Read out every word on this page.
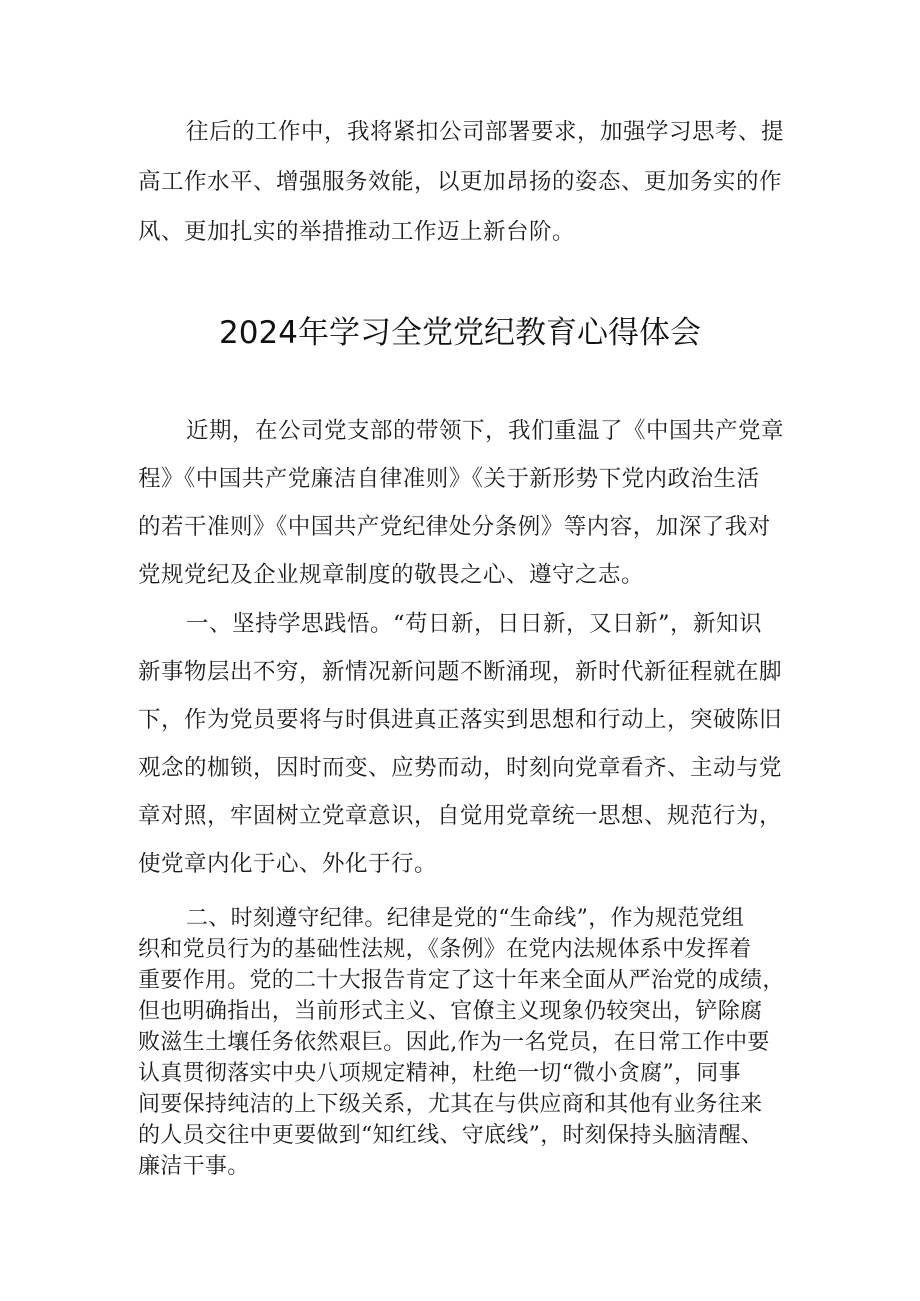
往后的工作中，我将紧扣公司部署要求，加强学习思考、提
高工作水平、增强服务效能，以更加昂扬的姿态、更加务实的作
风、更加扎实的举措推动工作迈上新台阶。
2024年学习全党党纪教育心得体会
近期，在公司党支部的带领下，我们重温了《中国共产党章
程》《中国共产党廉洁自律准则》《关于新形势下党内政治生活
的若干准则》《中国共产党纪律处分条例》等内容，加深了我对
党规党纪及企业规章制度的敬畏之心、遵守之志。
一、坚持学思践悟。“苟日新，日日新，又日新”，新知识
新事物层出不穷，新情况新问题不断涌现，新时代新征程就在脚
下，作为党员要将与时俱进真正落实到思想和行动上，突破陈旧
观念的枷锁，因时而变、应势而动，时刻向党章看齐、主动与党
章对照，牢固树立党章意识，自觉用党章统一思想、规范行为，
使党章内化于心、外化于行。
二、时刻遵守纪律。纪律是党的“生命线”，作为规范党组
织和党员行为的基础性法规，《条例》在党内法规体系中发挥着
重要作用。党的二十大报告肯定了这十年来全面从严治党的成绩，
但也明确指出，当前形式主义、官僚主义现象仍较突出，铲除腐
败滋生土壤任务依然艰巨。因此,作为一名党员，在日常工作中要
认真贯彻落实中央八项规定精神，杜绝一切“微小贪腐”，同事
间要保持纯洁的上下级关系，尤其在与供应商和其他有业务往来
的人员交往中更要做到“知红线、守底线”，时刻保持头脑清醒、
廉洁干事。
